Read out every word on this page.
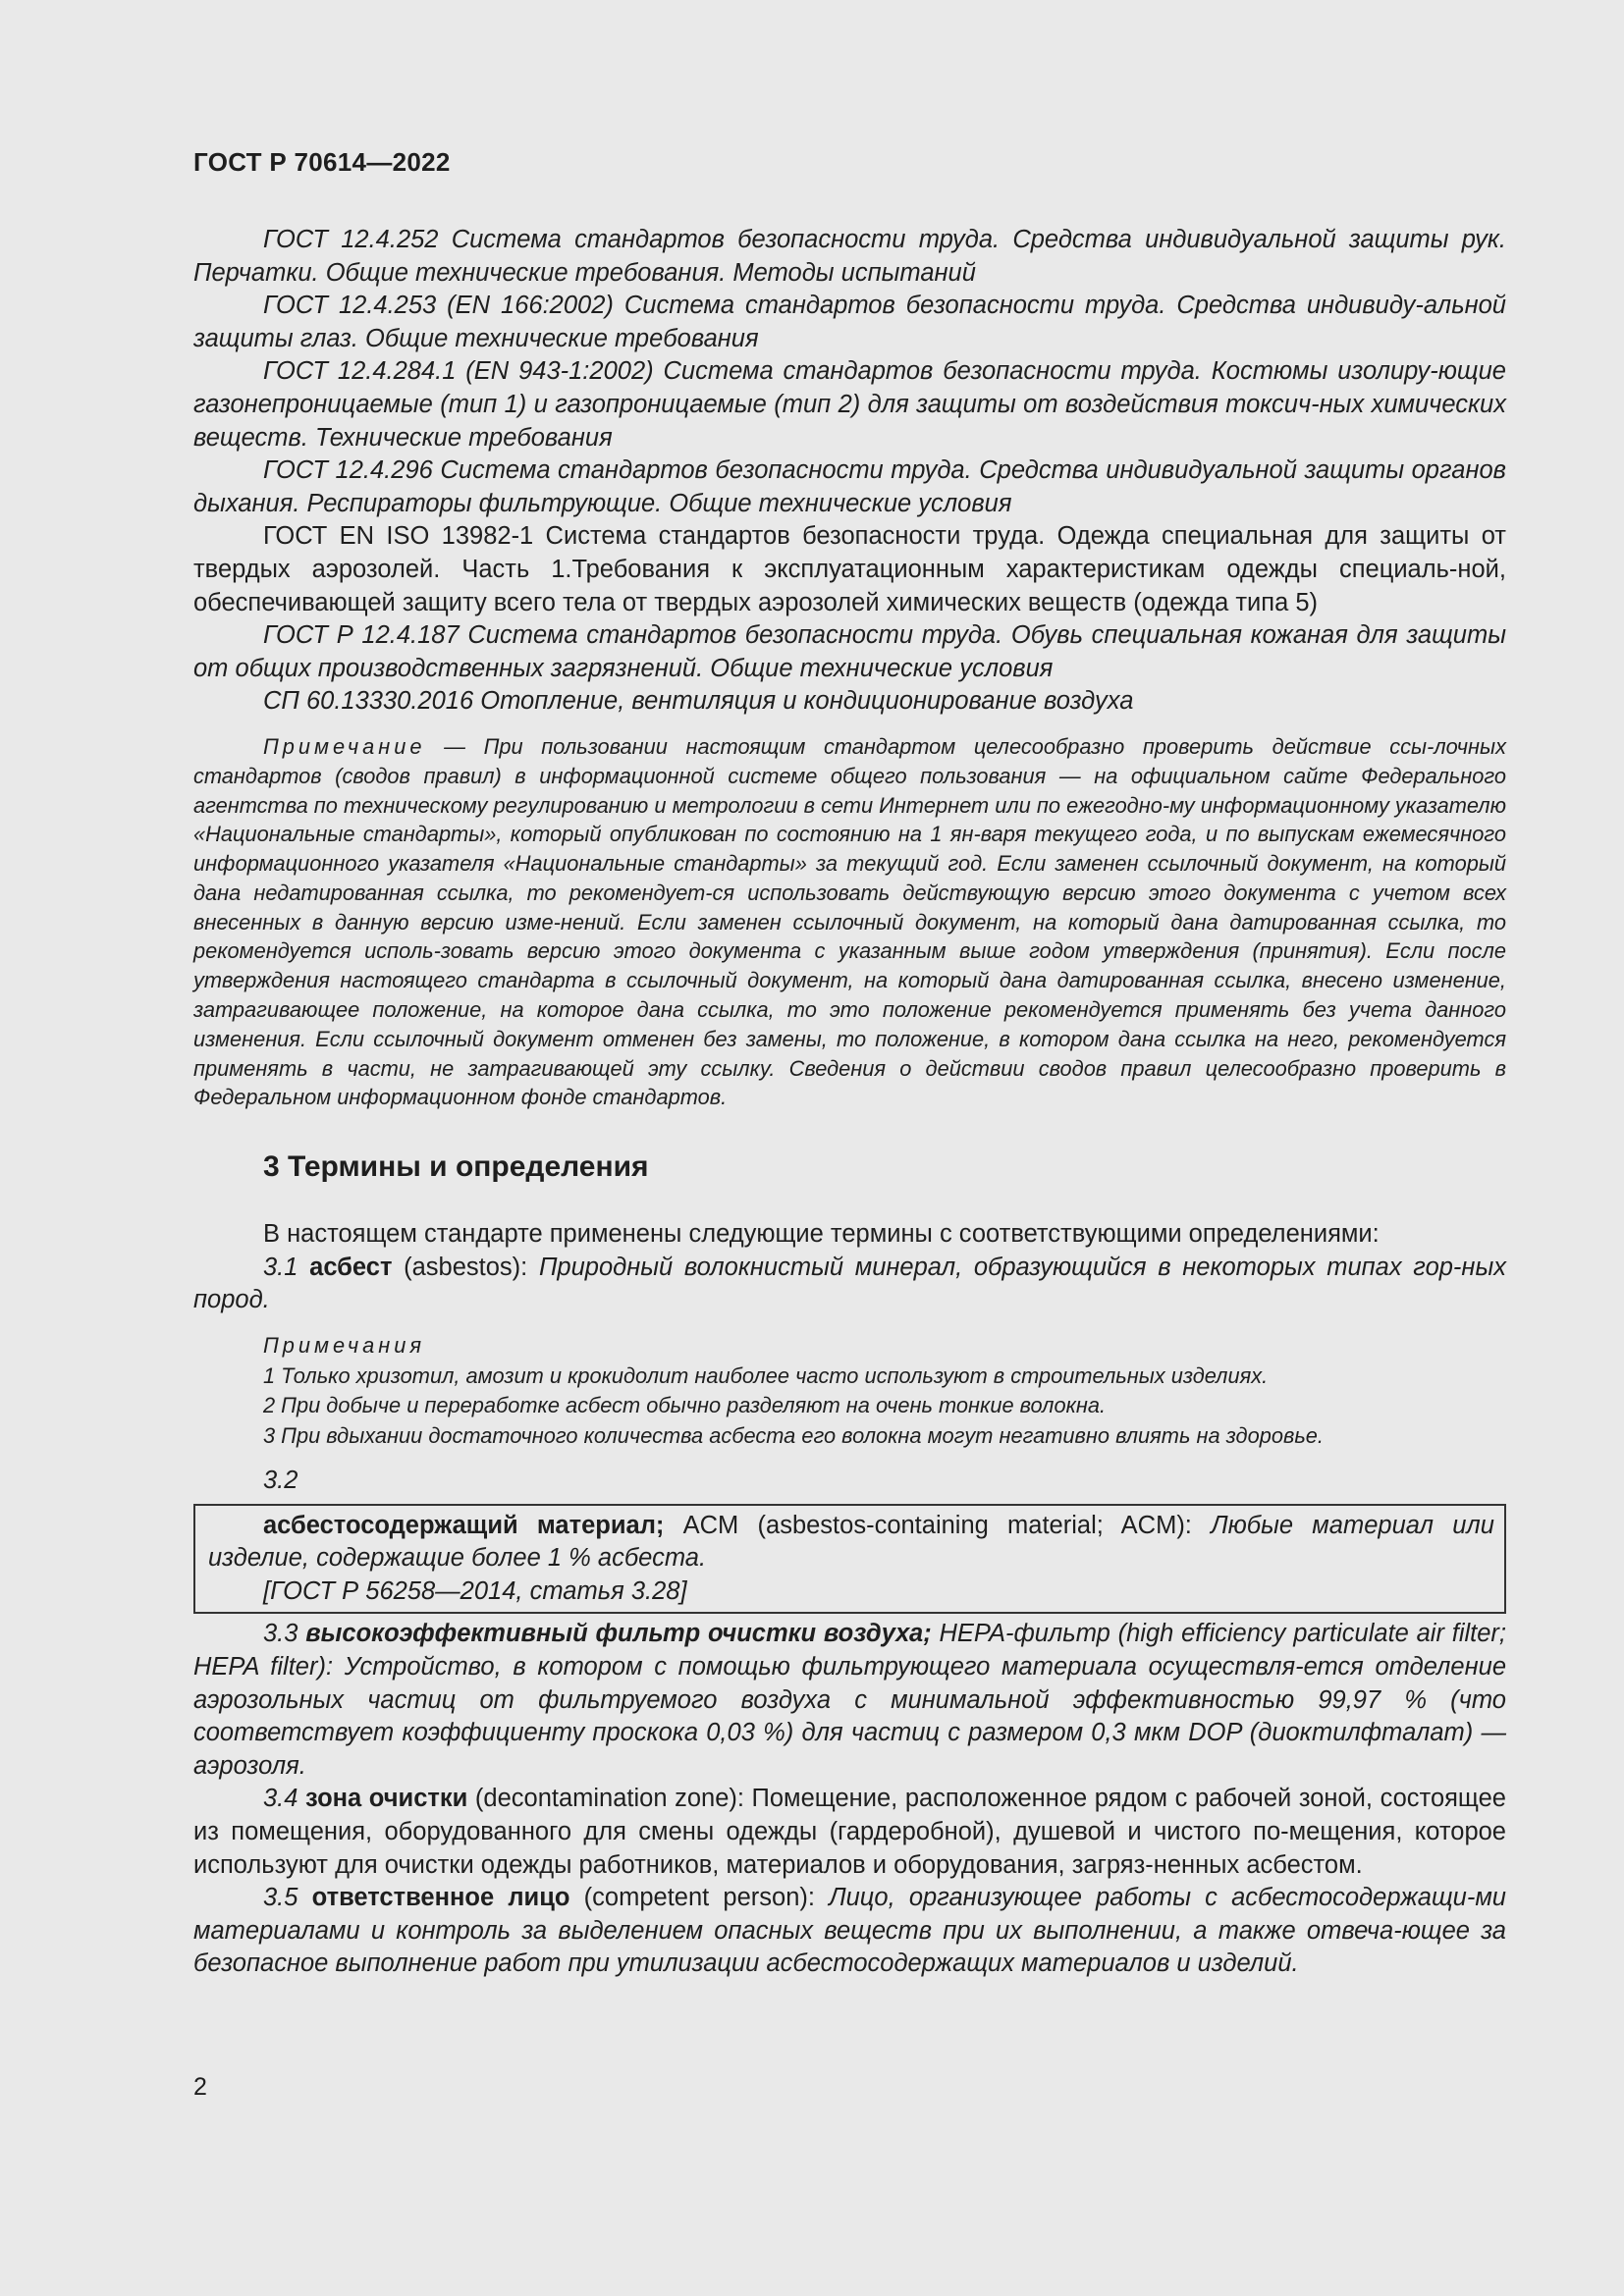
ГОСТ Р 70614—2022

ГОСТ 12.4.252 Система стандартов безопасности труда. Средства индивидуальной защиты рук. Перчатки. Общие технические требования. Методы испытаний

ГОСТ 12.4.253 (EN 166:2002) Система стандартов безопасности труда. Средства индивиду-альной защиты глаз. Общие технические требования

ГОСТ 12.4.284.1 (EN 943-1:2002) Система стандартов безопасности труда. Костюмы изолиру-ющие газонепроницаемые (тип 1) и газопроницаемые (тип 2) для защиты от воздействия токсич-ных химических веществ. Технические требования

ГОСТ 12.4.296 Система стандартов безопасности труда. Средства индивидуальной защиты органов дыхания. Респираторы фильтрующие. Общие технические условия

ГОСТ EN ISO 13982-1 Система стандартов безопасности труда. Одежда специальная для защиты от твердых аэрозолей. Часть 1.Требования к эксплуатационным характеристикам одежды специаль-ной, обеспечивающей защиту всего тела от твердых аэрозолей химических веществ (одежда типа 5)

ГОСТ Р 12.4.187 Система стандартов безопасности труда. Обувь специальная кожаная для защиты от общих производственных загрязнений. Общие технические условия

СП 60.13330.2016 Отопление, вентиляция и кондиционирование воздуха

Примечание — При пользовании настоящим стандартом целесообразно проверить действие ссы-лочных стандартов (сводов правил) в информационной системе общего пользования — на официальном сайте Федерального агентства по техническому регулированию и метрологии в сети Интернет или по ежегодно-му информационному указателю «Национальные стандарты», который опубликован по состоянию на 1 ян-варя текущего года, и по выпускам ежемесячного информационного указателя «Национальные стандарты» за текущий год. Если заменен ссылочный документ, на который дана недатированная ссылка, то рекомендует-ся использовать действующую версию этого документа с учетом всех внесенных в данную версию изме-нений. Если заменен ссылочный документ, на который дана датированная ссылка, то рекомендуется исполь-зовать версию этого документа с указанным выше годом утверждения (принятия). Если после утверждения настоящего стандарта в ссылочный документ, на который дана датированная ссылка, внесено изменение, затрагивающее положение, на которое дана ссылка, то это положение рекомендуется применять без учета данного изменения. Если ссылочный документ отменен без замены, то положение, в котором дана ссылка на него, рекомендуется применять в части, не затрагивающей эту ссылку. Сведения о действии сводов правил целесообразно проверить в Федеральном информационном фонде стандартов.
3 Термины и определения

В настоящем стандарте применены следующие термины с соответствующими определениями:

3.1 асбест (asbestos): Природный волокнистый минерал, образующийся в некоторых типах гор-ных пород.

Примечания
1 Только хризотил, амозит и крокидолит наиболее часто используют в строительных изделиях.
2 При добыче и переработке асбест обычно разделяют на очень тонкие волокна.
3 При вдыхании достаточного количества асбеста его волокна могут негативно влиять на здоровье.
3.2

асбестосодержащий материал; ACM (asbestos-containing material; ACM): Любые материал или изделие, содержащие более 1 % асбеста.

[ГОСТ Р 56258—2014, статья 3.28]

3.3 высокоэффективный фильтр очистки воздуха; НЕРА-фильтр (high efficiency particulate air filter; HEPA filter): Устройство, в котором с помощью фильтрующего материала осуществля-ется отделение аэрозольных частиц от фильтруемого воздуха с минимальной эффективностью 99,97 % (что соответствует коэффициенту проскока 0,03 %) для частиц с размером 0,3 мкм DOP (диоктилфталат) — аэрозоля.

3.4 зона очистки (decontamination zone): Помещение, расположенное рядом с рабочей зоной, состоящее из помещения, оборудованного для смены одежды (гардеробной), душевой и чистого по-мещения, которое используют для очистки одежды работников, материалов и оборудования, загряз-ненных асбестом.

3.5 ответственное лицо (competent person): Лицо, организующее работы с асбестосодержащи-ми материалами и контроль за выделением опасных веществ при их выполнении, а также отвеча-ющее за безопасное выполнение работ при утилизации асбестосодержащих материалов и изделий.

2
